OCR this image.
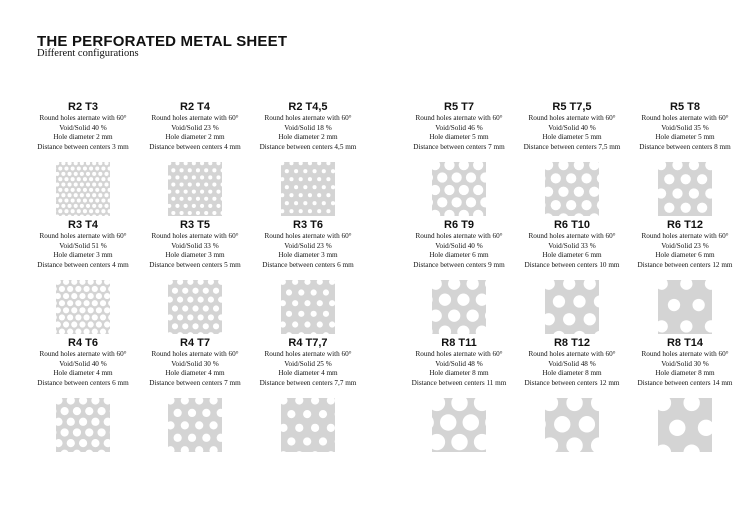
THE PERFORATED METAL SHEET
Different configurations
R2 T3
Round holes aternate with 60°
Void/Solid 40 %
Hole diameter 2 mm
Distance between centers 3 mm
R2 T4
Round holes aternate with 60°
Void/Solid 23 %
Hole diameter 2 mm
Distance between centers 4 mm
R2 T4,5
Round holes aternate with 60°
Void/Solid 18 %
Hole diameter 2 mm
Distance between centers 4,5 mm
R5 T7
Round holes aternate with 60°
Void/Solid 46 %
Hole diameter 5 mm
Distance between centers 7 mm
R5 T7,5
Round holes aternate with 60°
Void/Solid 40 %
Hole diameter 5 mm
Distance between centers 7,5 mm
R5 T8
Round holes aternate with 60°
Void/Solid 35 %
Hole diameter 5 mm
Distance between centers 8 mm
R3 T4
Round holes aternate with 60°
Void/Solid 51 %
Hole diameter 3 mm
Distance between centers 4 mm
R3 T5
Round holes aternate with 60°
Void/Solid 33 %
Hole diameter 3 mm
Distance between centers 5 mm
R3 T6
Round holes aternate with 60°
Void/Solid 23 %
Hole diameter 3 mm
Distance between centers 6 mm
R6 T9
Round holes aternate with 60°
Void/Solid 40 %
Hole diameter 6 mm
Distance between centers 9 mm
R6 T10
Round holes aternate with 60°
Void/Solid 33 %
Hole diameter 6 mm
Distance between centers 10 mm
R6 T12
Round holes aternate with 60°
Void/Solid 23 %
Hole diameter 6 mm
Distance between centers 12 mm
R4 T6
Round holes aternate with 60°
Void/Solid 40 %
Hole diameter 4 mm
Distance between centers 6 mm
R4 T7
Round holes aternate with 60°
Void/Solid 30 %
Hole diameter 4 mm
Distance between centers 7 mm
R4 T7,7
Round holes aternate with 60°
Void/Solid 25 %
Hole diameter 4 mm
Distance between centers 7,7 mm
R8 T11
Round holes aternate with 60°
Void/Solid 48 %
Hole diameter 8 mm
Distance between centers 11 mm
R8 T12
Round holes aternate with 60°
Void/Solid 48 %
Hole diameter 8 mm
Distance between centers 12 mm
R8 T14
Round holes aternate with 60°
Void/Solid 30 %
Hole diameter 8 mm
Distance between centers 14 mm
